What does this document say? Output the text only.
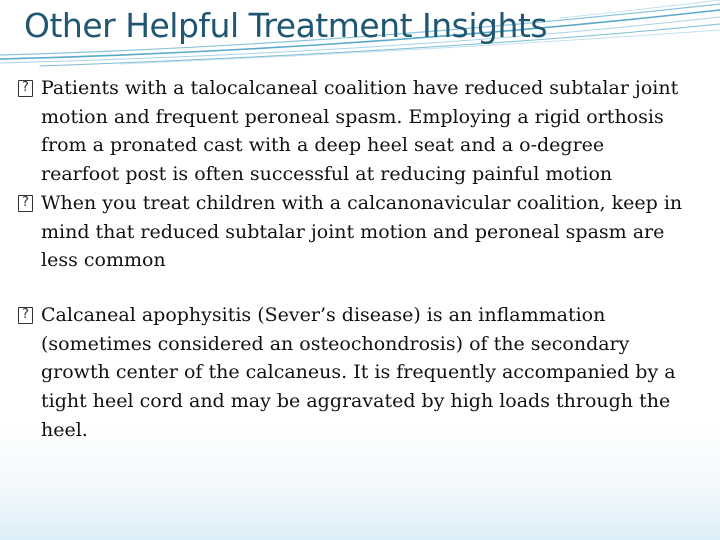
Other Helpful Treatment Insights
? Patients with a talocalcaneal coalition have reduced subtalar joint motion and frequent peroneal spasm. Employing a rigid orthosis from a pronated cast with a deep heel seat and a o-degree rearfoot post is often successful at reducing painful motion
? When you treat children with a calcanonavicular coalition, keep in mind that reduced subtalar joint motion and peroneal spasm are less common
? Calcaneal apophysitis (Sever’s disease) is an inflammation (sometimes considered an osteochondrosis) of the secondary growth center of the calcaneus. It is frequently accompanied by a tight heel cord and may be aggravated by high loads through the heel.
